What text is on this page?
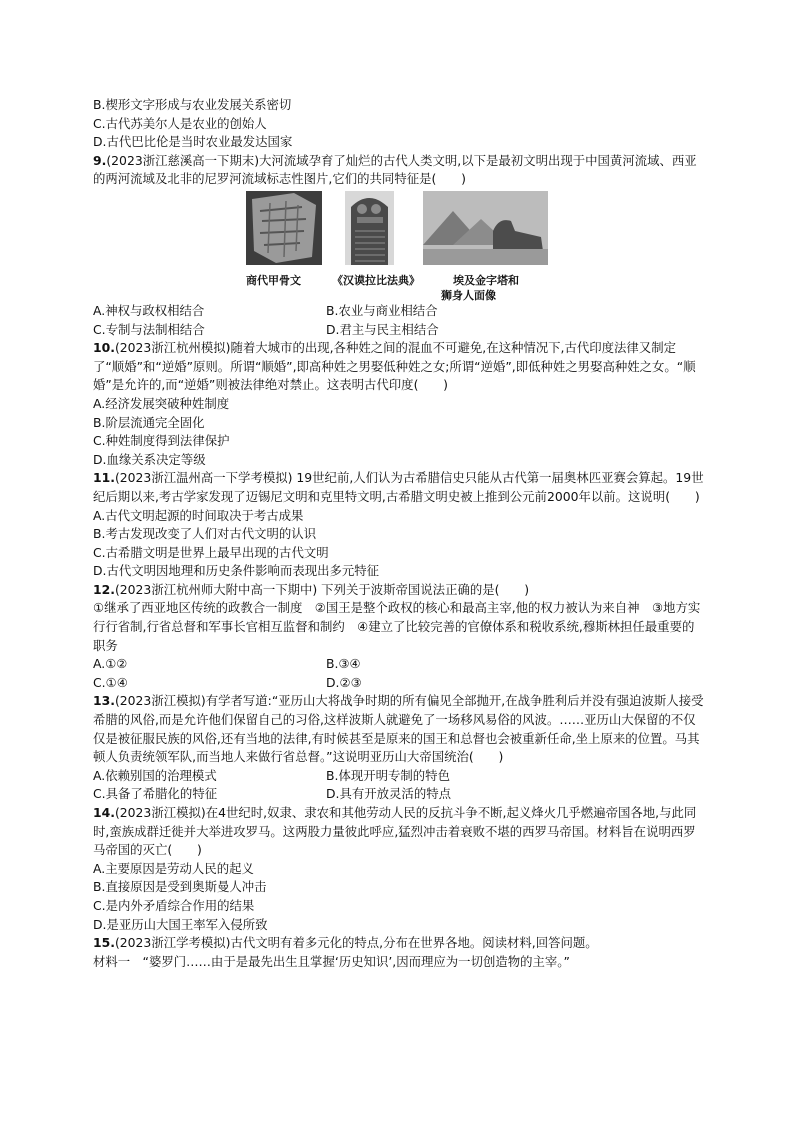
B.楔形文字形成与农业发展关系密切
C.古代苏美尔人是农业的创始人
D.古代巴比伦是当时农业最发达国家
9.(2023浙江慈溪高一下期末)大河流域孕育了灿烂的古代人类文明,以下是最初文明出现于中国黄河流域、西亚的两河流域及北非的尼罗河流域标志性图片,它们的共同特征是(　　)
商代甲骨文	《汉谟拉比法典》	埃及金字塔和
狮身人面像
A.神权与政权相结合	B.农业与商业相结合
C.专制与法制相结合	D.君主与民主相结合
10.(2023浙江杭州模拟)随着大城市的出现,各种姓之间的混血不可避免,在这种情况下,古代印度法律又制定了“顺婚”和“逆婚”原则。所谓“顺婚”,即高种姓之男娶低种姓之女;所谓“逆婚”,即低种姓之男娶高种姓之女。“顺婚”是允许的,而“逆婚”则被法律绝对禁止。这表明古代印度(　　)
A.经济发展突破种姓制度
B.阶层流通完全固化
C.种姓制度得到法律保护
D.血缘关系决定等级
11.(2023浙江温州高一下学考模拟) 19世纪前,人们认为古希腊信史只能从古代第一届奥林匹亚赛会算起。19世纪后期以来,考古学家发现了迈锡尼文明和克里特文明,古希腊文明史被上推到公元前2000年以前。这说明(　　)
A.古代文明起源的时间取决于考古成果
B.考古发现改变了人们对古代文明的认识
C.古希腊文明是世界上最早出现的古代文明
D.古代文明因地理和历史条件影响而表现出多元特征
12.(2023浙江杭州师大附中高一下期中) 下列关于波斯帝国说法正确的是(　　)
①继承了西亚地区传统的政教合一制度　②国王是整个政权的核心和最高主宰,他的权力被认为来自神　③地方实行行省制,行省总督和军事长官相互监督和制约　④建立了比较完善的官僚体系和税收系统,穆斯林担任最重要的职务
A.①②	B.③④
C.①④	D.②③
13.(2023浙江模拟)有学者写道:“亚历山大将战争时期的所有偏见全部抛开,在战争胜利后并没有强迫波斯人接受希腊的风俗,而是允许他们保留自己的习俗,这样波斯人就避免了一场移风易俗的风波。……亚历山大保留的不仅仅是被征服民族的风俗,还有当地的法律,有时候甚至是原来的国王和总督也会被重新任命,坐上原来的位置。马其顿人负责统领军队,而当地人来做行省总督。”这说明亚历山大帝国统治(　　)
A.依赖别国的治理模式	B.体现开明专制的特色
C.具备了希腊化的特征	D.具有开放灵活的特点
14.(2023浙江模拟)在4世纪时,奴隶、隶农和其他劳动人民的反抗斗争不断,起义烽火几乎燃遍帝国各地,与此同时,蛮族成群迁徙并大举进攻罗马。这两股力量彼此呼应,猛烈冲击着衰败不堪的西罗马帝国。材料旨在说明西罗马帝国的灭亡(　　)
A.主要原因是劳动人民的起义
B.直接原因是受到奥斯曼人冲击
C.是内外矛盾综合作用的结果
D.是亚历山大国王率军入侵所致
15.(2023浙江学考模拟)古代文明有着多元化的特点,分布在世界各地。阅读材料,回答问题。
材料一　“婆罗门……由于是最先出生且掌握‘历史知识’,因而理应为一切创造物的主宰。”
